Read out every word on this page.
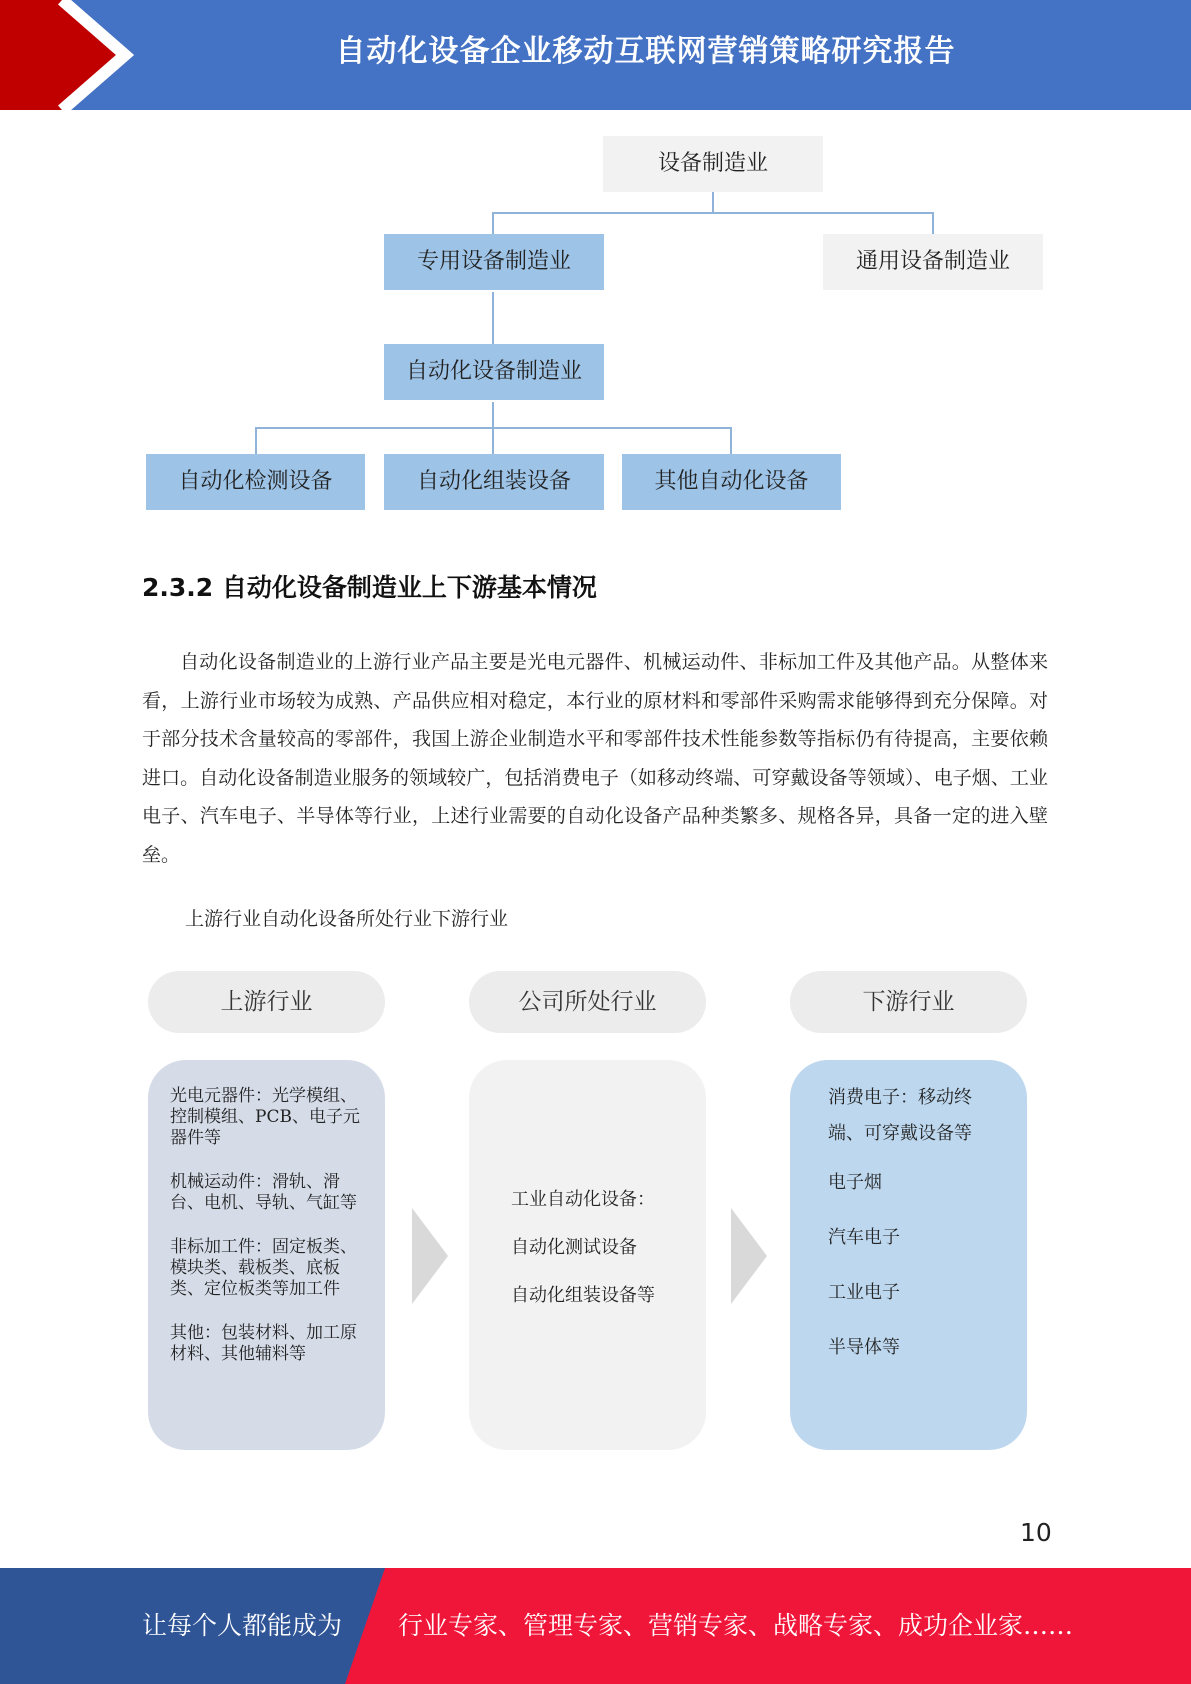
自动化设备企业移动互联网营销策略研究报告
设备制造业
专用设备制造业	通用设备制造业
自动化设备制造业
自动化检测设备	自动化组装设备	其他自动化设备
2.3.2 自动化设备制造业上下游基本情况

自动化设备制造业的上游行业产品主要是光电元器件、机械运动件、非标加工件及其他产品。从整体来看，上游行业市场较为成熟、产品供应相对稳定，本行业的原材料和零部件采购需求能够得到充分保障。对于部分技术含量较高的零部件，我国上游企业制造水平和零部件技术性能参数等指标仍有待提高，主要依赖进口。自动化设备制造业服务的领域较广，包括消费电子（如移动终端、可穿戴设备等领域）、电子烟、工业电子、汽车电子、半导体等行业，上述行业需要的自动化设备产品种类繁多、规格各异，具备一定的进入壁垒。

上游行业自动化设备所处行业下游行业
上游行业	公司所处行业	下游行业

光电元器件：光学模组、控制模组、PCB、电子元器件等

机械运动件：滑轨、滑台、电机、导轨、气缸等

非标加工件：固定板类、模块类、载板类、底板类、定位板类等加工件

其他：包装材料、加工原材料、其他辅料等

工业自动化设备：

自动化测试设备

自动化组装设备等

消费电子：移动终端、可穿戴设备等

电子烟

汽车电子

工业电子

半导体等

10
让每个人都能成为 行业专家、管理专家、营销专家、战略专家、成功企业家……
